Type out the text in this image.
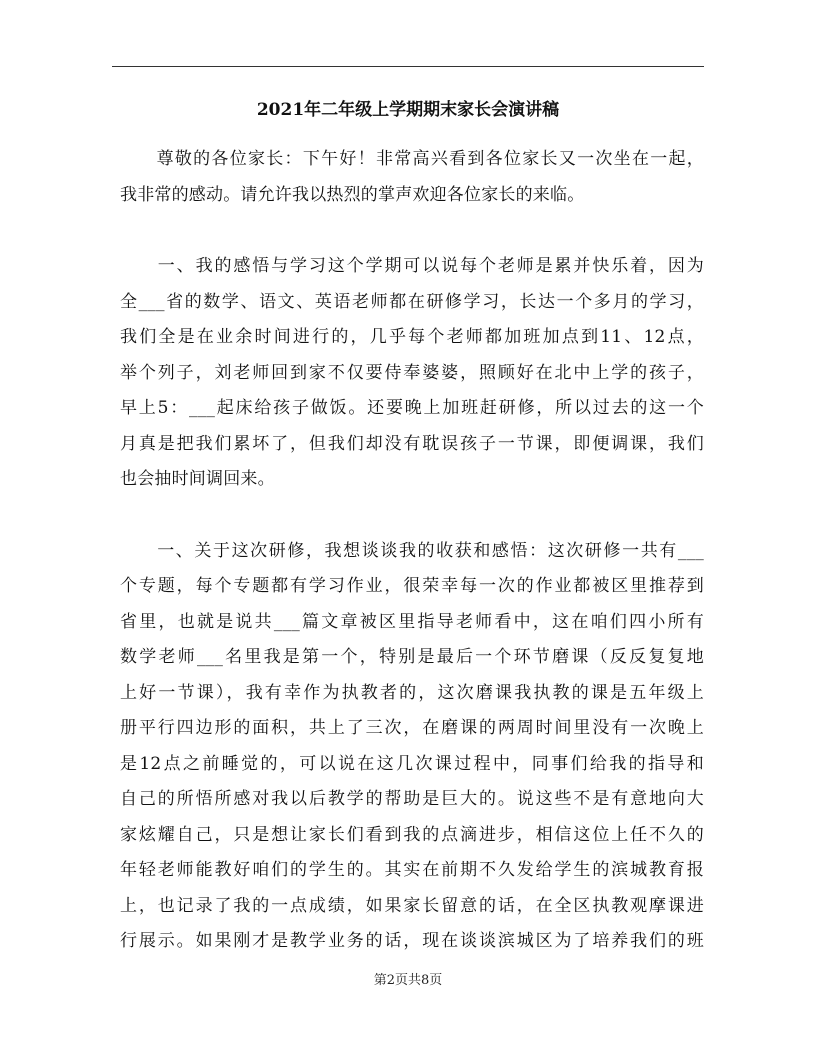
2021年二年级上学期期末家长会演讲稿
　　尊敬的各位家长：下午好！非常高兴看到各位家长又一次坐在一起，
我非常的感动。请允许我以热烈的掌声欢迎各位家长的来临。
　　一、我的感悟与学习这个学期可以说每个老师是累并快乐着，因为
全___省的数学、语文、英语老师都在研修学习，长达一个多月的学习，
我们全是在业余时间进行的，几乎每个老师都加班加点到11、12点，
举个列子，刘老师回到家不仅要侍奉婆婆，照顾好在北中上学的孩子，
早上5：___起床给孩子做饭。还要晚上加班赶研修，所以过去的这一个
月真是把我们累坏了，但我们却没有耽误孩子一节课，即便调课，我们
也会抽时间调回来。
　　一、关于这次研修，我想谈谈我的收获和感悟：这次研修一共有___
个专题，每个专题都有学习作业，很荣幸每一次的作业都被区里推荐到
省里，也就是说共___篇文章被区里指导老师看中，这在咱们四小所有
数学老师___名里我是第一个，特别是最后一个环节磨课（反反复复地
上好一节课），我有幸作为执教者的，这次磨课我执教的课是五年级上
册平行四边形的面积，共上了三次，在磨课的两周时间里没有一次晚上
是12点之前睡觉的，可以说在这几次课过程中，同事们给我的指导和
自己的所悟所感对我以后教学的帮助是巨大的。说这些不是有意地向大
家炫耀自己，只是想让家长们看到我的点滴进步，相信这位上任不久的
年轻老师能教好咱们的学生的。其实在前期不久发给学生的滨城教育报
上，也记录了我的一点成绩，如果家长留意的话，在全区执教观摩课进
行展示。如果刚才是教学业务的话，现在谈谈滨城区为了培养我们的班
第2页共8页
